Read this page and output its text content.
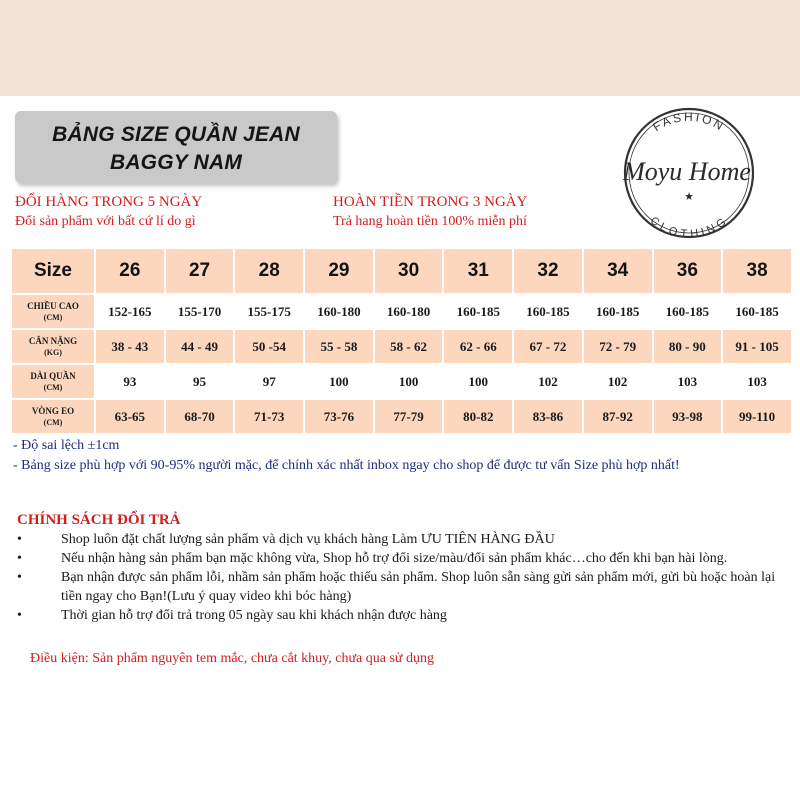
BẢNG SIZE QUẦN JEAN
BAGGY NAM
FASHION
Moyu Home
★
CLOTHING
ĐỔI HÀNG TRONG 5 NGÀY
Đổi sản phẩm với bất cứ lí do gì
HOÀN TIỀN TRONG 3 NGÀY
Trả hang hoàn tiền 100% miễn phí
Size	26	27	28	29	30	31	32	34	36	38
CHIỀU CAO
(CM)	152-165	155-170	155-175	160-180	160-180	160-185	160-185	160-185	160-185	160-185
CÂN NẶNG
(KG)	38 - 43	44 - 49	50 -54	55 - 58	58 - 62	62 - 66	67 - 72	72 - 79	80 - 90	91 - 105
DÀI QUẦN
(CM)	93	95	97	100	100	100	102	102	103	103
VÒNG EO
(CM)	63-65	68-70	71-73	73-76	77-79	80-82	83-86	87-92	93-98	99-110
- Độ sai lệch ±1cm
- Bảng size phù hợp với 90-95% người mặc, để chính xác nhất inbox ngay cho shop để được tư vấn Size phù hợp nhất!
CHÍNH SÁCH ĐỔI TRẢ
•	Shop luôn đặt chất lượng sản phẩm và dịch vụ khách hàng Làm ƯU TIÊN HÀNG ĐẦU
•	Nếu nhận hàng sản phẩm bạn mặc không vừa, Shop hỗ trợ đổi size/màu/đổi sản phẩm khác…cho đến khi bạn hài lòng.
•	Bạn nhận được sản phẩm lỗi, nhầm sản phẩm hoặc thiếu sản phẩm. Shop luôn sẵn sàng gửi sản phẩm mới, gửi bù hoặc hoàn lại tiền ngay cho Bạn!(Lưu ý quay video khi bóc hàng)
•	Thời gian hỗ trợ đổi trả trong 05 ngày sau khi khách nhận được hàng
Điều kiện: Sản phẩm nguyên tem mắc, chưa cắt khuy, chưa qua sử dụng
